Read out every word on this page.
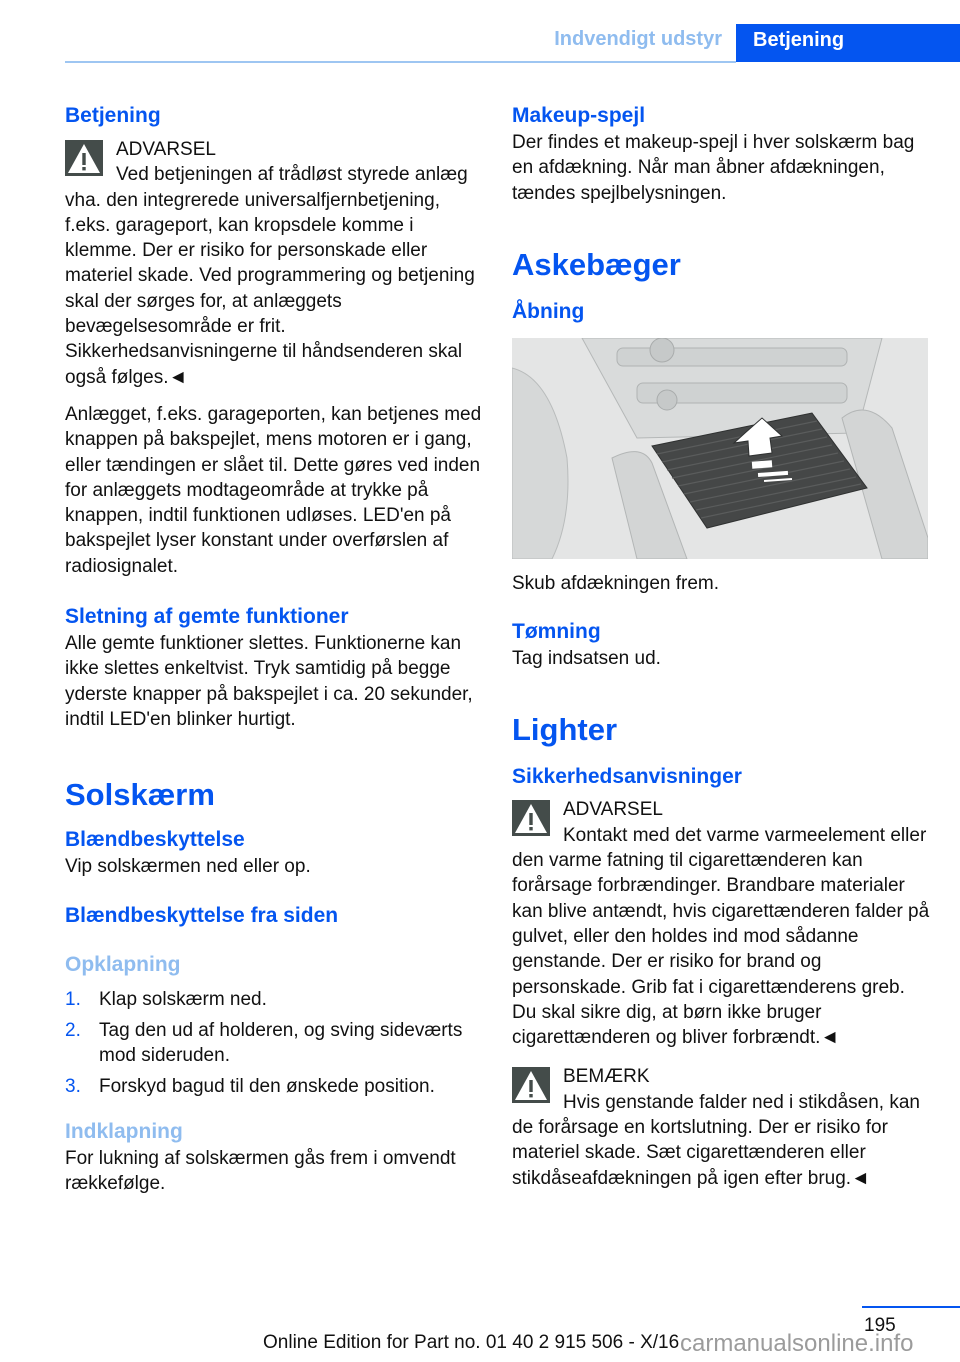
Indvendigt udstyr Betjening
Betjening
ADVARSEL

Ved betjeningen af trådløst styrede anlæg vha. den integrerede universalfjernbetjening, f.eks. garageport, kan kropsdele komme i klemme. Der er risiko for personskade eller materiel skade. Ved programmering og betjening skal der sørges for, at anlæggets bevægelsesområde er frit. Sikkerhedsanvisningerne til håndsenderen skal også følges.◄

Anlægget, f.eks. garageporten, kan betjenes med knappen på bakspejlet, mens motoren er i gang, eller tændingen er slået til. Dette gøres ved inden for anlæggets modtageområde at trykke på knappen, indtil funktionen udløses. LED'en på bakspejlet lyser konstant under overførslen af radiosignalet.

Sletning af gemte funktioner

Alle gemte funktioner slettes. Funktionerne kan ikke slettes enkeltvist. Tryk samtidig på begge yderste knapper på bakspejlet i ca. 20 sekunder, indtil LED'en blinker hurtigt.

Solskærm
Blændbeskyttelse

Vip solskærmen ned eller op.

Blændbeskyttelse fra siden
Opklapning
1. Klap solskærm ned.
2. Tag den ud af holderen, og sving sideværts mod sideruden.
3. Forskyd bagud til den ønskede position.
Indklapning

For lukning af solskærmen gås frem i omvendt rækkefølge.

Makeup-spejl

Der findes et makeup-spejl i hver solskærm bag en afdækning. Når man åbner afdækningen, tændes spejlbelysningen.

Askebæger
Åbning

Skub afdækningen frem.

Tømning

Tag indsatsen ud.

Lighter
Sikkerhedsanvisninger
ADVARSEL

Kontakt med det varme varmeelement eller den varme fatning til cigarettænderen kan forårsage forbrændinger. Brandbare materialer kan blive antændt, hvis cigarettænderen falder på gulvet, eller den holdes ind mod sådanne genstande. Der er risiko for brand og personskade. Grib fat i cigarettænderens greb. Du skal sikre dig, at børn ikke bruger cigarettænderen og bliver forbrændt.◄

BEMÆRK

Hvis genstande falder ned i stikdåsen, kan de forårsage en kortslutning. Der er risiko for materiel skade. Sæt cigarettænderen eller stikdåseafdækningen på igen efter brug.◄

195
Online Edition for Part no. 01 40 2 915 506 - X/16 carmanualsonline.info
